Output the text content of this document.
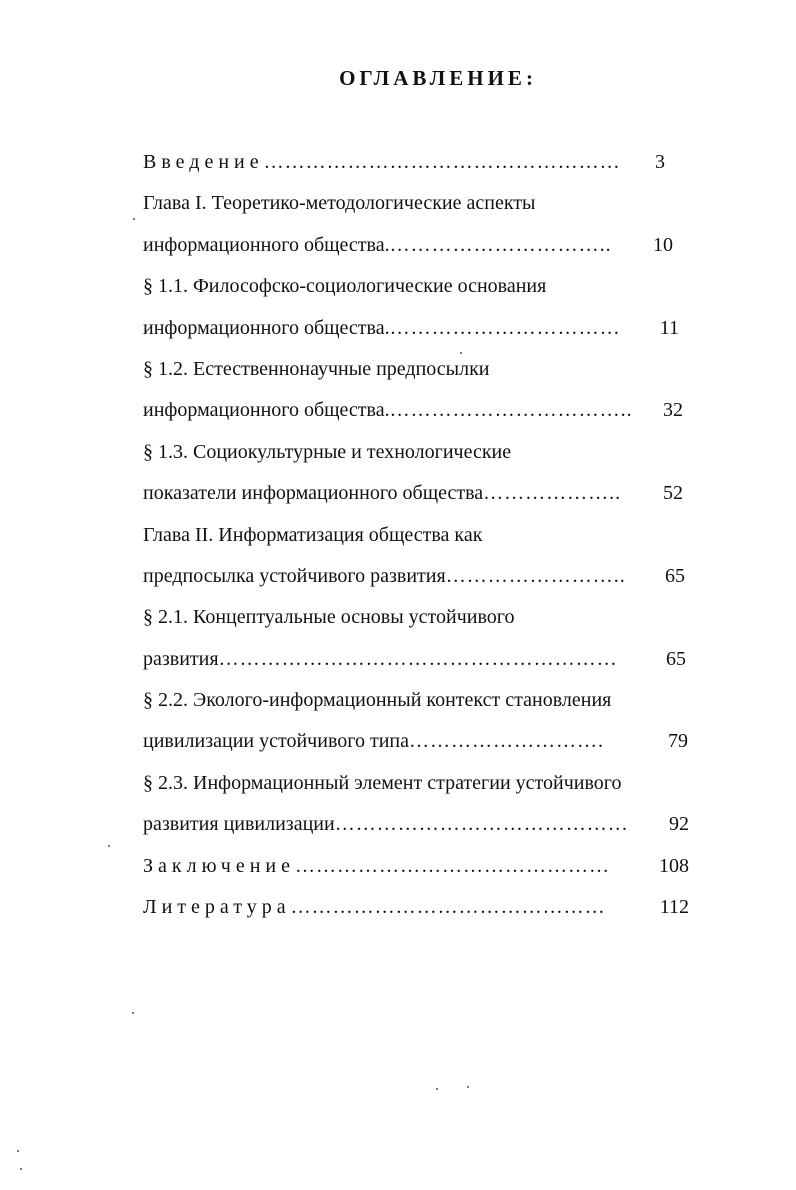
ОГЛАВЛЕНИЕ:
Введение……………………………………………	3
Глава I. Теоретико-методологические аспекты
информационного общества.…………………………..	10
§ 1.1. Философско-социологические основания
информационного общества.……………………………	11
§ 1.2. Естественнонаучные предпосылки
информационного общества.……………………………..	32
§ 1.3. Социокультурные и технологические
показатели информационного общества………………..	52
Глава II. Информатизация общества как
предпосылка устойчивого развития……………………..	65
§ 2.1. Концептуальные основы устойчивого
развития…………………………………………………	65
§ 2.2. Эколого-информационный контекст становления
цивилизации устойчивого типа……………………….	79
§ 2.3. Информационный элемент стратегии устойчивого
развития цивилизации……………………………………	92
Заключение………………………………………	108
Литература………………………………………	112
